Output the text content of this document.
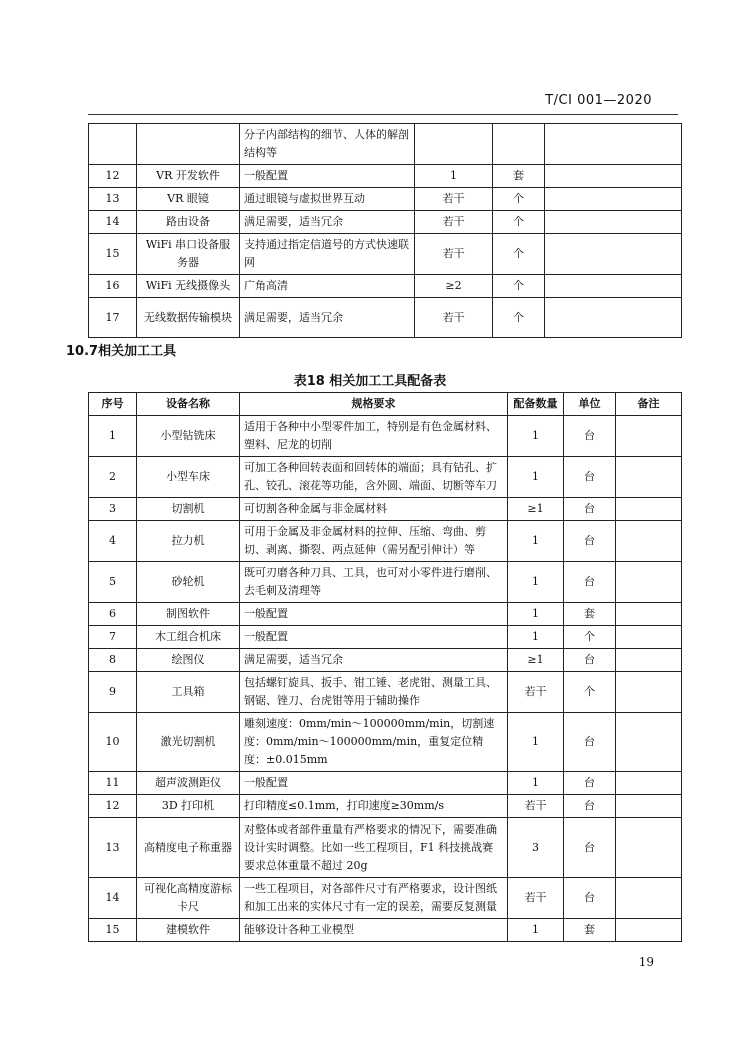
T/CI 001—2020
		分子内部结构的细节、人体的解剖结构等			
12	VR 开发软件	一般配置	1	套	
13	VR 眼镜	通过眼镜与虚拟世界互动	若干	个	
14	路由设备	满足需要，适当冗余	若干	个	
15	WiFi 串口设备服务器	支持通过指定信道号的方式快速联网	若干	个	
16	WiFi 无线摄像头	广角高清	≥2	个	
17	无线数据传输模块	满足需要，适当冗余	若干	个	
10.7相关加工工具
表18 相关加工工具配备表
序号	设备名称	规格要求	配备数量	单位	备注
1	小型钻铣床	适用于各种中小型零件加工，特别是有色金属材料、塑料、尼龙的切削	1	台	
2	小型车床	可加工各种回转表面和回转体的端面；具有钻孔、扩孔、铰孔、滚花等功能，含外圆、端面、切断等车刀	1	台	
3	切割机	可切割各种金属与非金属材料	≥1	台	
4	拉力机	可用于金属及非金属材料的拉伸、压缩、弯曲、剪切、剥离、撕裂、两点延伸（需另配引伸计）等	1	台	
5	砂轮机	既可刃磨各种刀具、工具，也可对小零件进行磨削、去毛刺及清理等	1	台	
6	制图软件	一般配置	1	套	
7	木工组合机床	一般配置	1	个	
8	绘图仪	满足需要，适当冗余	≥1	台	
9	工具箱	包括螺钉旋具、扳手、钳工锤、老虎钳、测量工具、钢锯、锉刀、台虎钳等用于辅助操作	若干	个	
10	激光切割机	雕刻速度：0mm/min～100000mm/min，切割速度：0mm/min～100000mm/min，重复定位精度：±0.015mm	1	台	
11	超声波测距仪	一般配置	1	台	
12	3D 打印机	打印精度≤0.1mm，打印速度≥30mm/s	若干	台	
13	高精度电子称重器	对整体或者部件重量有严格要求的情况下，需要准确设计实时调整。比如一些工程项目，F1 科技挑战赛要求总体重量不超过 20g	3	台	
14	可视化高精度游标卡尺	一些工程项目，对各部件尺寸有严格要求，设计图纸和加工出来的实体尺寸有一定的误差，需要反复测量	若干	台	
15	建模软件	能够设计各种工业模型	1	套	
19
